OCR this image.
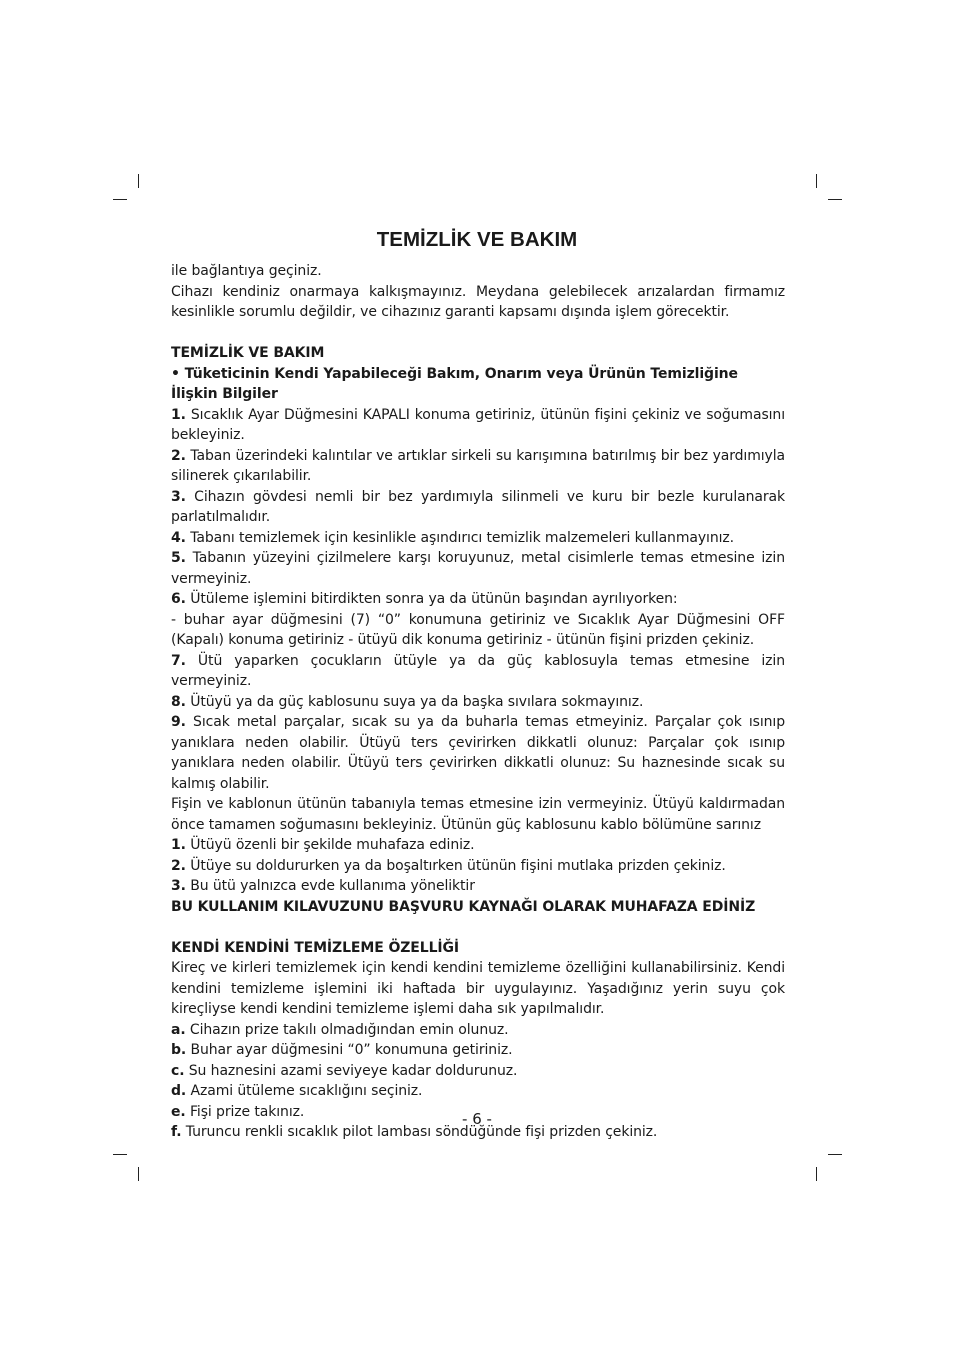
TEMİZLİK VE BAKIM

ile bağlantıya geçiniz.

Cihazı kendiniz onarmaya kalkışmayınız. Meydana gelebilecek arızalardan firmamız kesinlikle sorumlu değildir, ve cihazınız garanti kapsamı dışında işlem görecektir.

TEMİZLİK VE BAKIM

• Tüketicinin Kendi Yapabileceği Bakım, Onarım veya Ürünün Temizliğine İlişkin Bilgiler

1. Sıcaklık Ayar Düğmesini KAPALI konuma getiriniz, ütünün fişini çekiniz ve soğumasını bekleyiniz.

2. Taban üzerindeki kalıntılar ve artıklar sirkeli su karışımına batırılmış bir bez yardımıyla silinerek çıkarılabilir.

3. Cihazın gövdesi nemli bir bez yardımıyla silinmeli ve kuru bir bezle kurulanarak parlatılmalıdır.

4. Tabanı temizlemek için kesinlikle aşındırıcı temizlik malzemeleri kullanmayınız.

5. Tabanın yüzeyini çizilmelere karşı koruyunuz, metal cisimlerle temas etmesine izin vermeyiniz.

6. Ütüleme işlemini bitirdikten sonra ya da ütünün başından ayrılıyorken:

- buhar ayar düğmesini (7) “0” konumuna getiriniz ve Sıcaklık Ayar Düğmesini OFF (Kapalı) konuma getiriniz - ütüyü dik konuma getiriniz - ütünün fişini prizden çekiniz.

7. Ütü yaparken çocukların ütüyle ya da güç kablosuyla temas etmesine izin vermeyiniz.

8. Ütüyü ya da güç kablosunu suya ya da başka sıvılara sokmayınız.

9. Sıcak metal parçalar, sıcak su ya da buharla temas etmeyiniz. Parçalar çok ısınıp yanıklara neden olabilir. Ütüyü ters çevirirken dikkatli olunuz: Parçalar çok ısınıp yanıklara neden olabilir. Ütüyü ters çevirirken dikkatli olunuz: Su haznesinde sıcak su kalmış olabilir.

Fişin ve kablonun ütünün tabanıyla temas etmesine izin vermeyiniz. Ütüyü kaldırmadan önce tamamen soğumasını bekleyiniz. Ütünün güç kablosunu kablo bölümüne sarınız

1. Ütüyü özenli bir şekilde muhafaza ediniz.

2. Ütüye su doldururken ya da boşaltırken ütünün fişini mutlaka prizden çekiniz.

3. Bu ütü yalnızca evde kullanıma yöneliktir

BU KULLANIM KILAVUZUNU BAŞVURU KAYNAĞI OLARAK MUHAFAZA EDİNİZ

KENDİ KENDİNİ TEMİZLEME ÖZELLİĞİ

Kireç ve kirleri temizlemek için kendi kendini temizleme özelliğini kullanabilirsiniz. Kendi kendini temizleme işlemini iki haftada bir uygulayınız. Yaşadığınız yerin suyu çok kireçliyse kendi kendini temizleme işlemi daha sık yapılmalıdır.

a. Cihazın prize takılı olmadığından emin olunuz.

b. Buhar ayar düğmesini “0” konumuna getiriniz.

c. Su haznesini azami seviyeye kadar doldurunuz.

d. Azami ütüleme sıcaklığını seçiniz.

e. Fişi prize takınız.

f. Turuncu renkli sıcaklık pilot lambası söndüğünde fişi prizden çekiniz.

- 6 -
